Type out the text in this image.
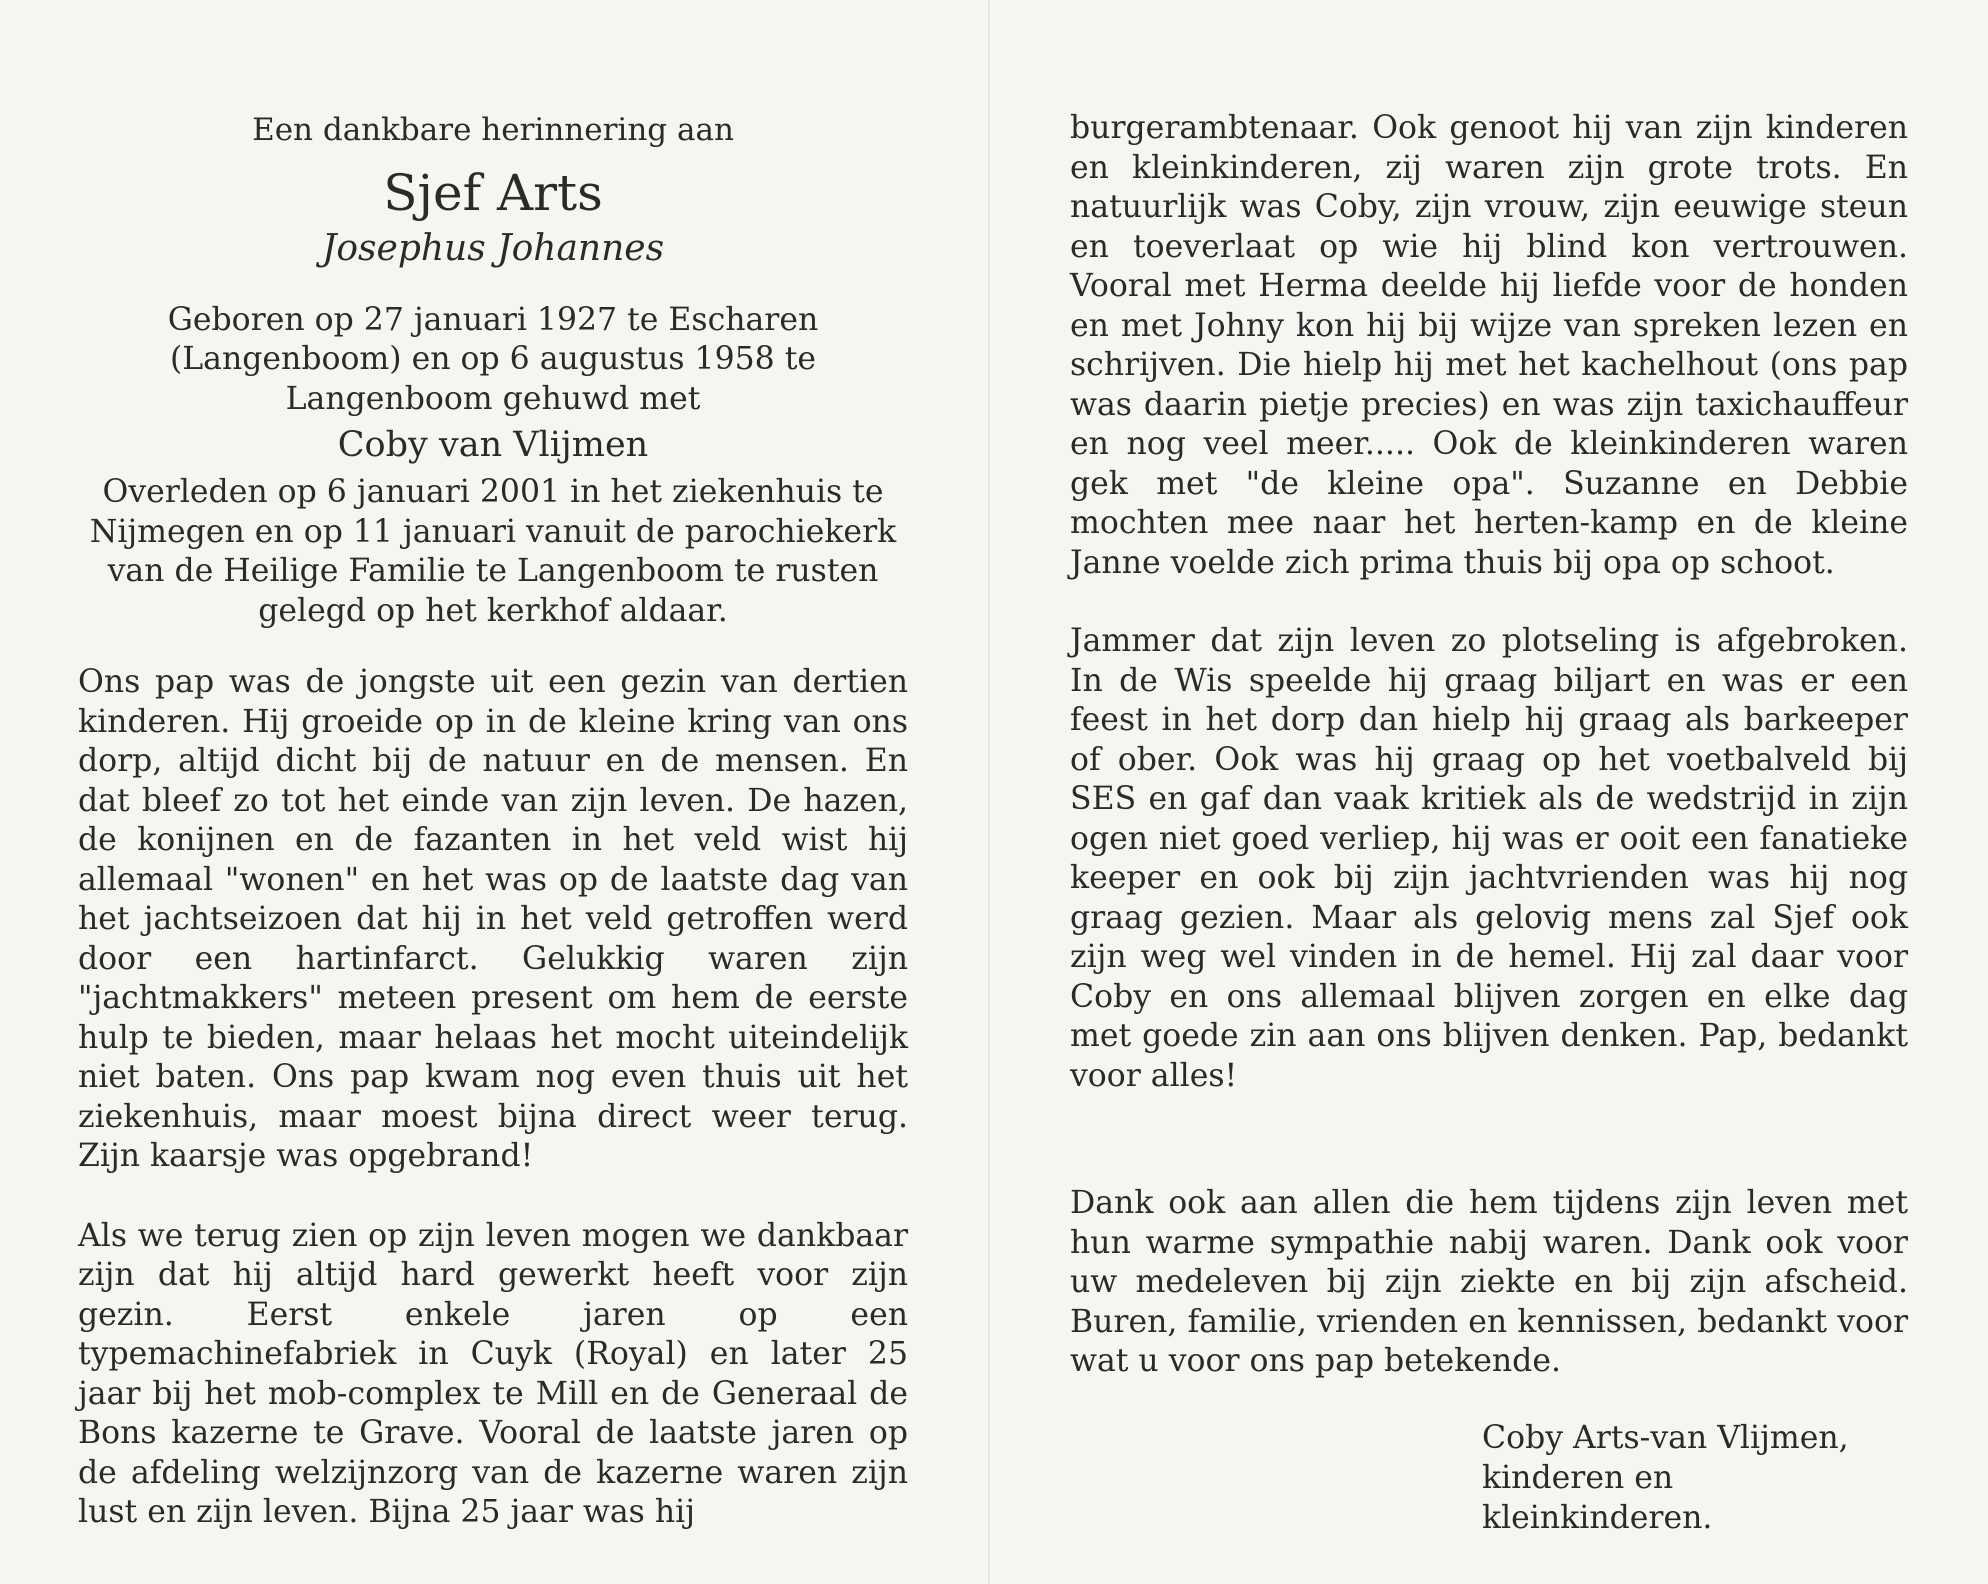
Een dankbare herinnering aan

Sjef Arts

Josephus Johannes

Geboren op 27 januari 1927 te Escharen (Langenboom) en op 6 augustus 1958 te Langenboom gehuwd met

Coby van Vlijmen

Overleden op 6 januari 2001 in het ziekenhuis te Nijmegen en op 11 januari vanuit de parochiekerk van de Heilige Familie te Langenboom te rusten gelegd op het kerkhof aldaar.

Ons pap was de jongste uit een gezin van dertien kinderen. Hij groeide op in de kleine kring van ons dorp, altijd dicht bij de natuur en de mensen. En dat bleef zo tot het einde van zijn leven. De hazen, de konijnen en de fazanten in het veld wist hij allemaal "wonen" en het was op de laatste dag van het jachtseizoen dat hij in het veld getroffen werd door een hartinfarct. Gelukkig waren zijn "jachtmakkers" meteen present om hem de eerste hulp te bieden, maar helaas het mocht uiteindelijk niet baten. Ons pap kwam nog even thuis uit het ziekenhuis, maar moest bijna direct weer terug. Zijn kaarsje was opgebrand!

Als we terug zien op zijn leven mogen we dankbaar zijn dat hij altijd hard gewerkt heeft voor zijn gezin. Eerst enkele jaren op een typemachinefabriek in Cuyk (Royal) en later 25 jaar bij het mob-complex te Mill en de Generaal de Bons kazerne te Grave. Vooral de laatste jaren op de afdeling welzijnzorg van de kazerne waren zijn lust en zijn leven. Bijna 25 jaar was hij

burgerambtenaar. Ook genoot hij van zijn kinderen en kleinkinderen, zij waren zijn grote trots. En natuurlijk was Coby, zijn vrouw, zijn eeuwige steun en toeverlaat op wie hij blind kon vertrouwen. Vooral met Herma deelde hij liefde voor de honden en met Johny kon hij bij wijze van spreken lezen en schrijven. Die hielp hij met het kachelhout (ons pap was daarin pietje precies) en was zijn taxichauffeur en nog veel meer..... Ook de kleinkinderen waren gek met "de kleine opa". Suzanne en Debbie mochten mee naar het herten-kamp en de kleine Janne voelde zich prima thuis bij opa op schoot.

Jammer dat zijn leven zo plotseling is afgebroken. In de Wis speelde hij graag biljart en was er een feest in het dorp dan hielp hij graag als barkeeper of ober. Ook was hij graag op het voetbalveld bij SES en gaf dan vaak kritiek als de wedstrijd in zijn ogen niet goed verliep, hij was er ooit een fanatieke keeper en ook bij zijn jachtvrienden was hij nog graag gezien. Maar als gelovig mens zal Sjef ook zijn weg wel vinden in de hemel. Hij zal daar voor Coby en ons allemaal blijven zorgen en elke dag met goede zin aan ons blijven denken. Pap, bedankt voor alles!

Dank ook aan allen die hem tijdens zijn leven met hun warme sympathie nabij waren. Dank ook voor uw medeleven bij zijn ziekte en bij zijn afscheid. Buren, familie, vrienden en kennissen, bedankt voor wat u voor ons pap betekende.

Coby Arts-van Vlijmen,
kinderen en kleinkinderen.
